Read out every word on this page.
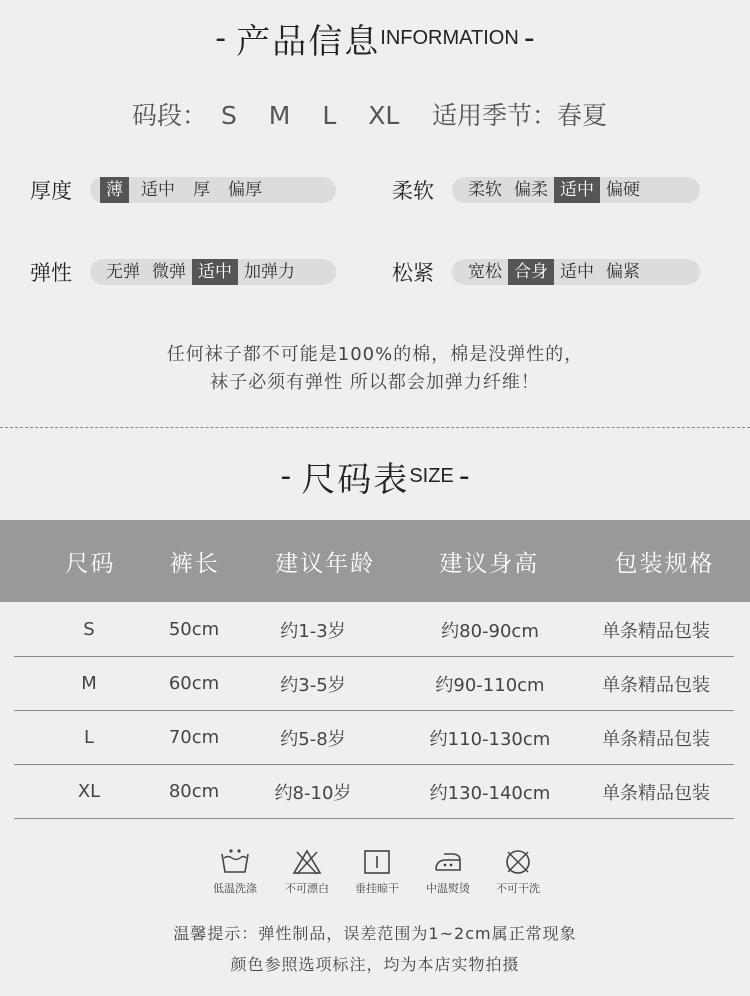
- 产品信息INFORMATION -
码段： S M L XL	适用季节：春夏
厚度	薄	适中	厚	偏厚	柔软	柔软 偏柔 适中 偏硬
弹性	无弹 微弹 适中 加弹力	松紧	宽松 合身 适中 偏紧
任何袜子都不可能是100%的棉，棉是没弹性的，
袜子必须有弹性 所以都会加弹力纤维！
- 尺码表SIZE -
尺码	裤长	建议年龄	建议身高	包装规格
S	50cm	约1-3岁	约80-90cm	单条精品包装
M	60cm	约3-5岁	约90-110cm	单条精品包装
L	70cm	约5-8岁	约110-130cm	单条精品包装
XL	80cm	约8-10岁	约130-140cm	单条精品包装
低温洗涤	不可漂白	垂挂晾干	中温熨烫	不可干洗
温馨提示：弹性制品，误差范围为1~2cm属正常现象
颜色参照选项标注，均为本店实物拍摄
